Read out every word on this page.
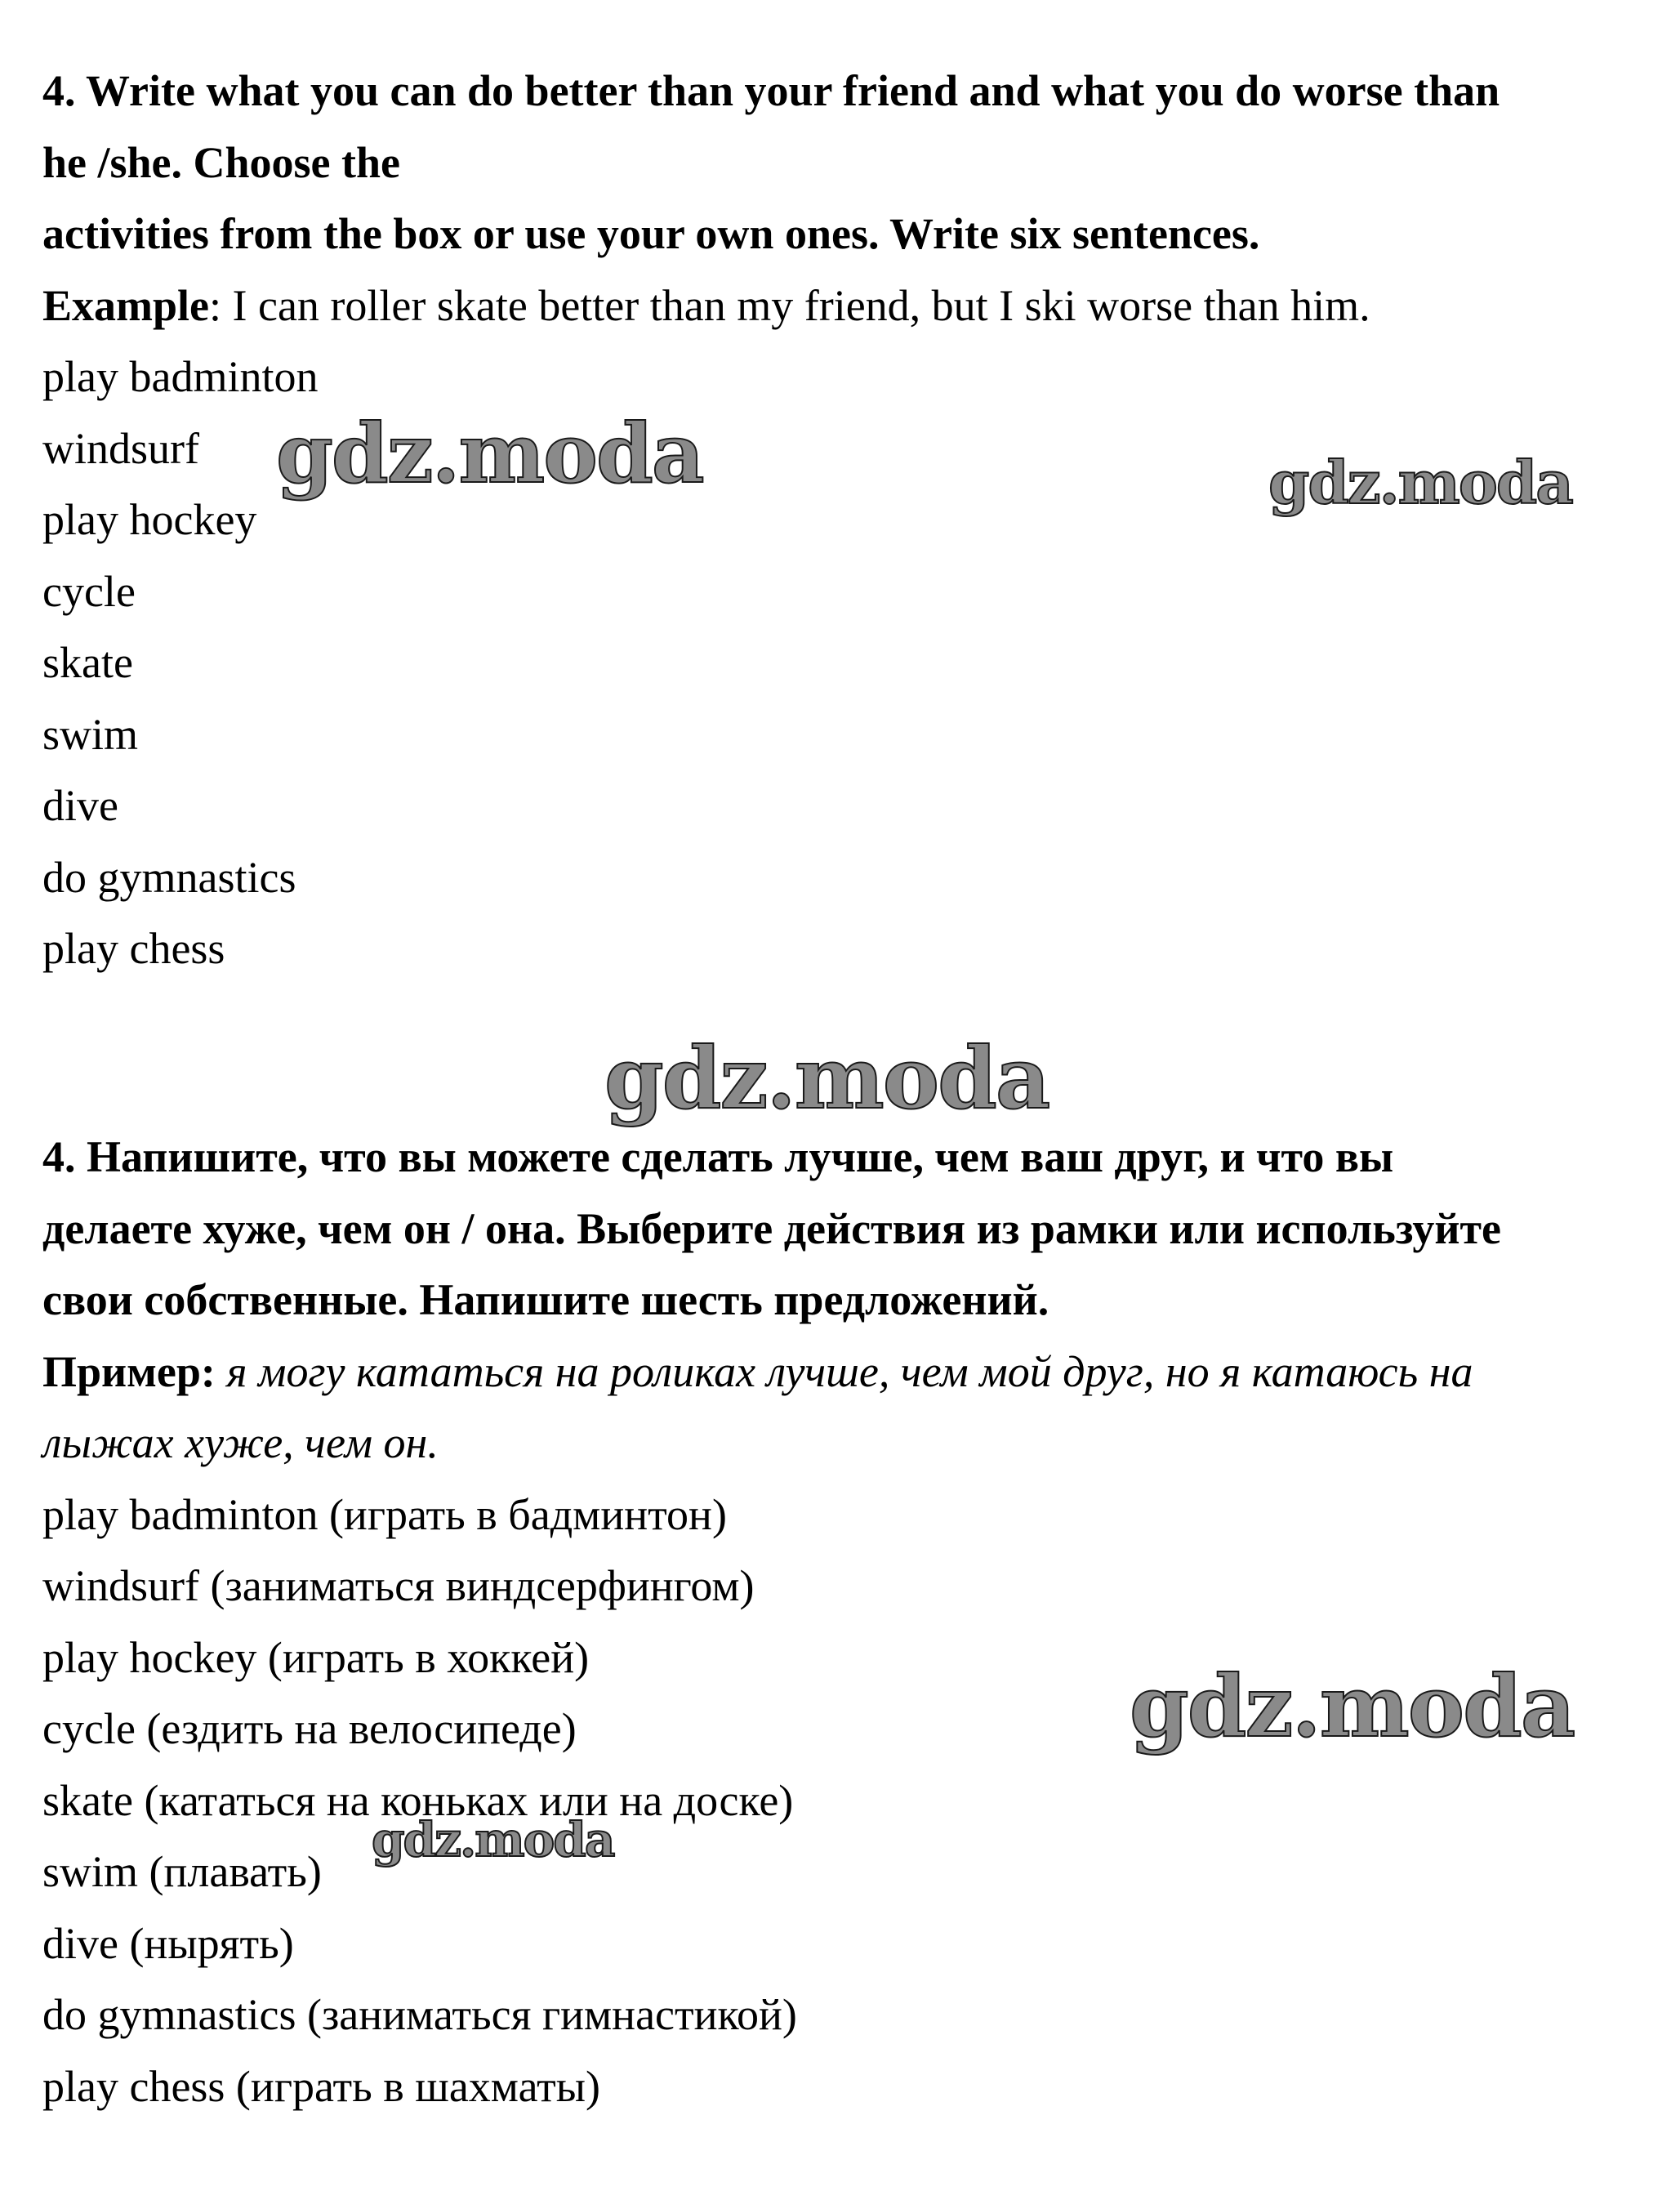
4. Write what you can do better than your friend and what you do worse than
he /she. Choose the
activities from the box or use your own ones. Write six sentences.
Example: I can roller skate better than my friend, but I ski worse than him.
play badminton
windsurf
play hockey
cycle
skate
swim
dive
do gymnastics
play chess
4. Напишите, что вы можете сделать лучше, чем ваш друг, и что вы
делаете хуже, чем он / она. Выберите действия из рамки или используйте
свои собственные. Напишите шесть предложений.
Пример: я могу кататься на роликах лучше, чем мой друг, но я катаюсь на
лыжах хуже, чем он.
play badminton (играть в бадминтон)
windsurf (заниматься виндсерфингом)
play hockey (играть в хоккей)
cycle (ездить на велосипеде)
skate (кататься на коньках или на доске)
swim (плавать)
dive (нырять)
do gymnastics (заниматься гимнастикой)
play chess (играть в шахматы)
gdz.moda	gdz.moda
gdz.moda
gdz.moda
gdz.moda
